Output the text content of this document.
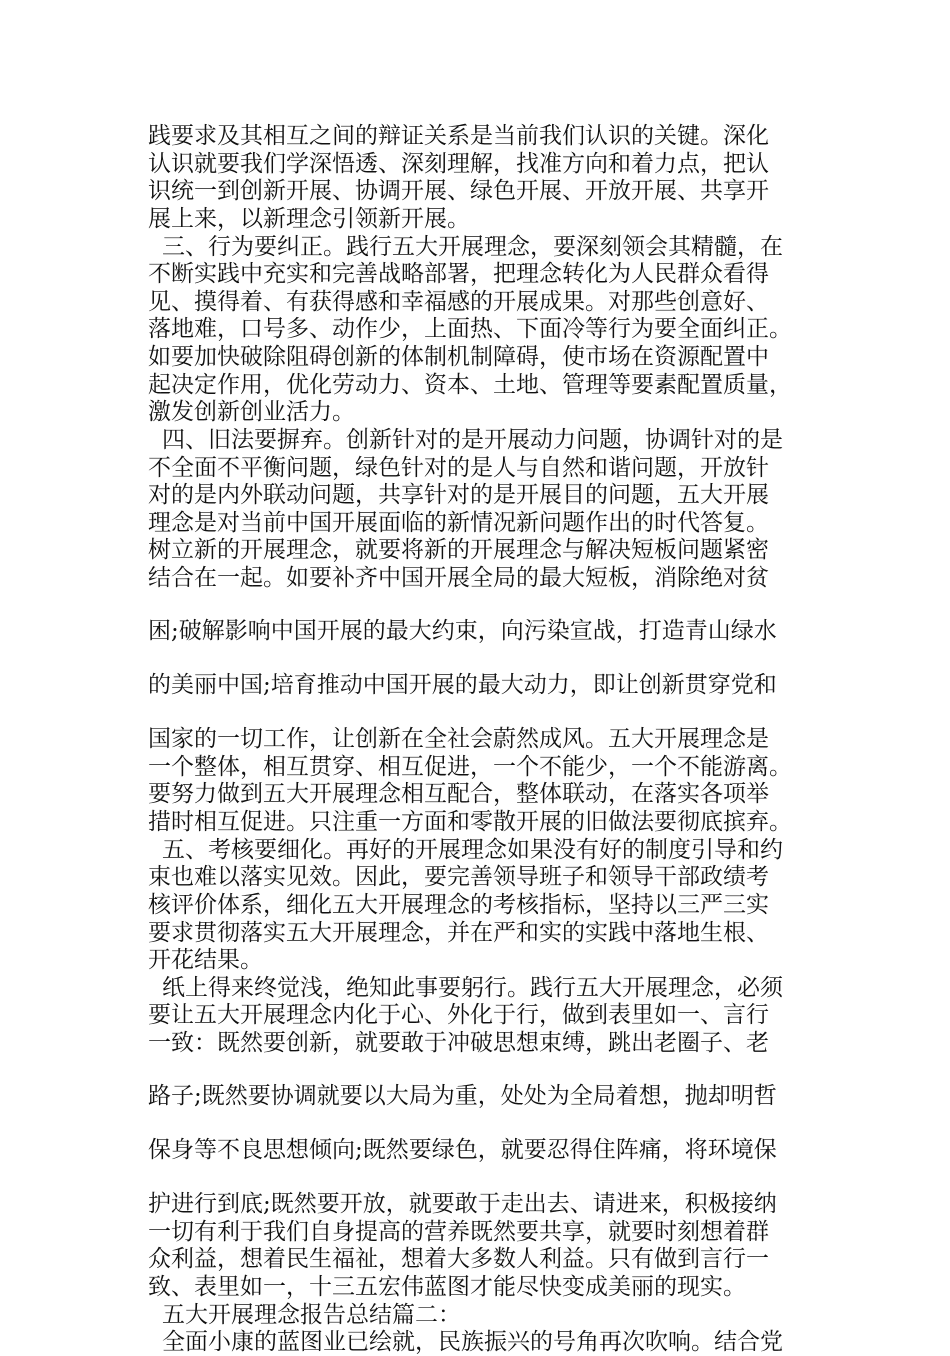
践要求及其相互之间的辩证关系是当前我们认识的关键。深化
认识就要我们学深悟透、深刻理解，找准方向和着力点，把认
识统一到创新开展、协调开展、绿色开展、开放开展、共享开
展上来，以新理念引领新开展。
三、行为要纠正。践行五大开展理念，要深刻领会其精髓，在
不断实践中充实和完善战略部署，把理念转化为人民群众看得
见、摸得着、有获得感和幸福感的开展成果。对那些创意好、
落地难，口号多、动作少，上面热、下面冷等行为要全面纠正。
如要加快破除阻碍创新的体制机制障碍，使市场在资源配置中
起决定作用，优化劳动力、资本、土地、管理等要素配置质量，
激发创新创业活力。
四、旧法要摒弃。创新针对的是开展动力问题，协调针对的是
不全面不平衡问题，绿色针对的是人与自然和谐问题，开放针
对的是内外联动问题，共享针对的是开展目的问题，五大开展
理念是对当前中国开展面临的新情况新问题作出的时代答复。
树立新的开展理念，就要将新的开展理念与解决短板问题紧密
结合在一起。如要补齐中国开展全局的最大短板，消除绝对贫
困;破解影响中国开展的最大约束，向污染宣战，打造青山绿水
的美丽中国;培育推动中国开展的最大动力，即让创新贯穿党和
国家的一切工作，让创新在全社会蔚然成风。五大开展理念是
一个整体，相互贯穿、相互促进，一个不能少，一个不能游离。
要努力做到五大开展理念相互配合，整体联动，在落实各项举
措时相互促进。只注重一方面和零散开展的旧做法要彻底摈弃。
五、考核要细化。再好的开展理念如果没有好的制度引导和约
束也难以落实见效。因此，要完善领导班子和领导干部政绩考
核评价体系，细化五大开展理念的考核指标，坚持以三严三实
要求贯彻落实五大开展理念，并在严和实的实践中落地生根、
开花结果。
纸上得来终觉浅，绝知此事要躬行。践行五大开展理念，必须
要让五大开展理念内化于心、外化于行，做到表里如一、言行
一致：既然要创新，就要敢于冲破思想束缚，跳出老圈子、老
路子;既然要协调就要以大局为重，处处为全局着想，抛却明哲
保身等不良思想倾向;既然要绿色，就要忍得住阵痛，将环境保
护进行到底;既然要开放，就要敢于走出去、请进来，积极接纳
一切有利于我们自身提高的营养既然要共享，就要时刻想着群
众利益，想着民生福祉，想着大多数人利益。只有做到言行一
致、表里如一，十三五宏伟蓝图才能尽快变成美丽的现实。
五大开展理念报告总结篇二：
全面小康的蓝图业已绘就，民族振兴的号角再次吹响。结合党
